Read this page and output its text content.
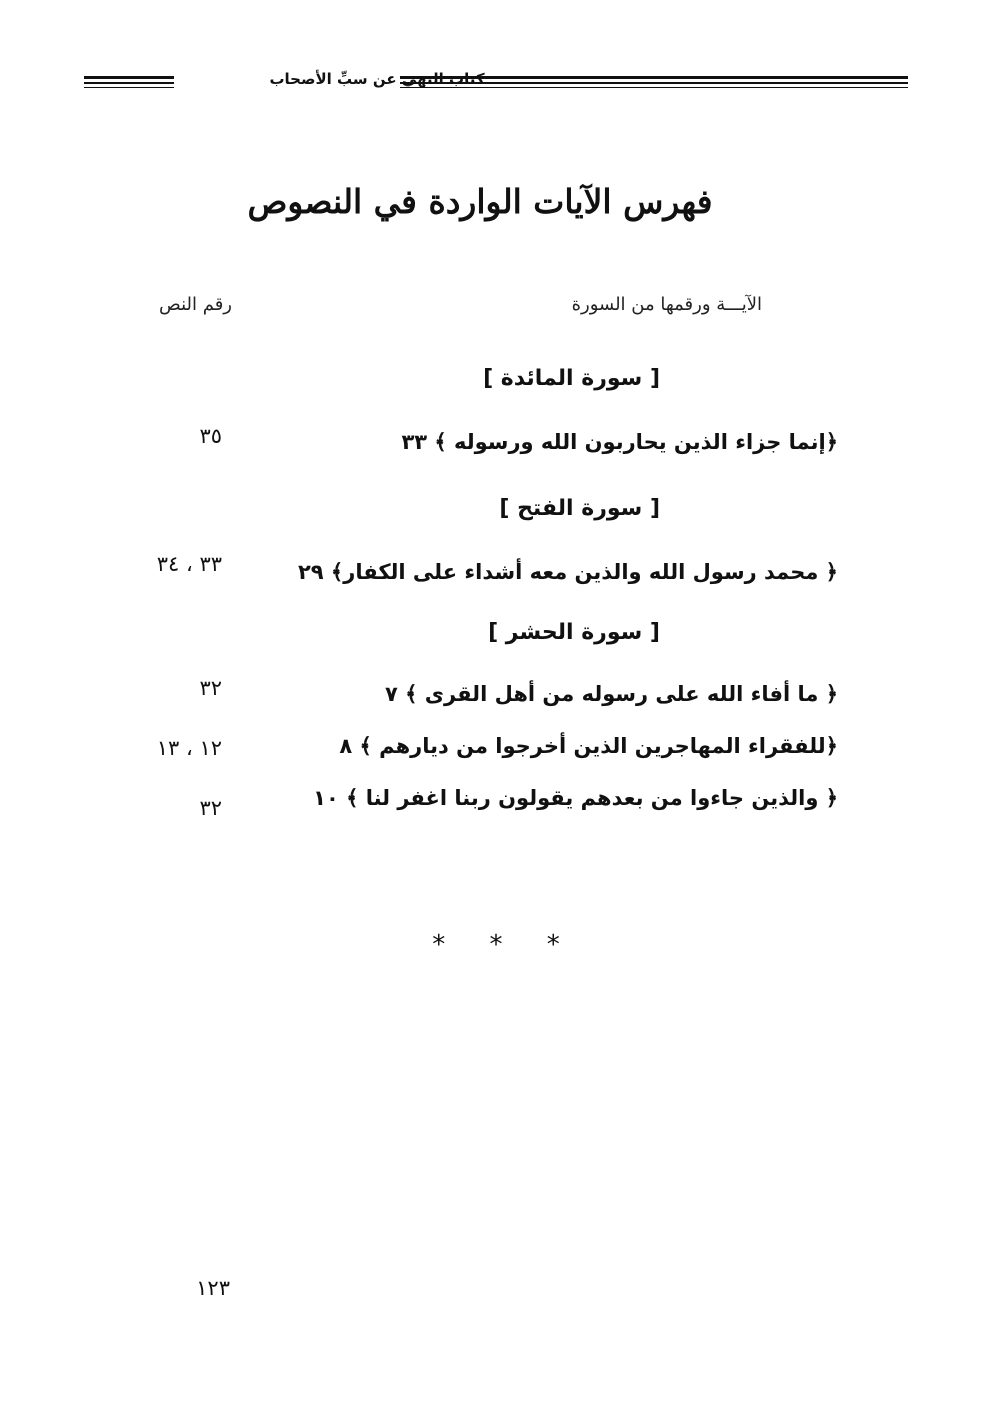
كتاب النهي عن سبِّ الأصحاب
فهرس الآيات الواردة في النصوص
الآيـــة ورقمها من السورة
رقم النص
[ سورة المائدة ]
﴿إنما جزاء الذين يحاربون الله ورسوله ﴾ ٣٣
٣٥
[ سورة الفتح ]
﴿ محمد رسول الله والذين معه أشداء على الكفار﴾ ٢٩
٣٣ ، ٣٤
[ سورة الحشر ]
﴿ ما أفاء الله على رسوله من أهل القرى ﴾ ٧
٣٢
﴿للفقراء المهاجرين الذين أخرجوا من ديارهم ﴾ ٨
١٢ ، ١٣
﴿ والذين جاءوا من بعدهم يقولون ربنا اغفر لنا ﴾ ١٠
٣٢
* * *
١٢٣
